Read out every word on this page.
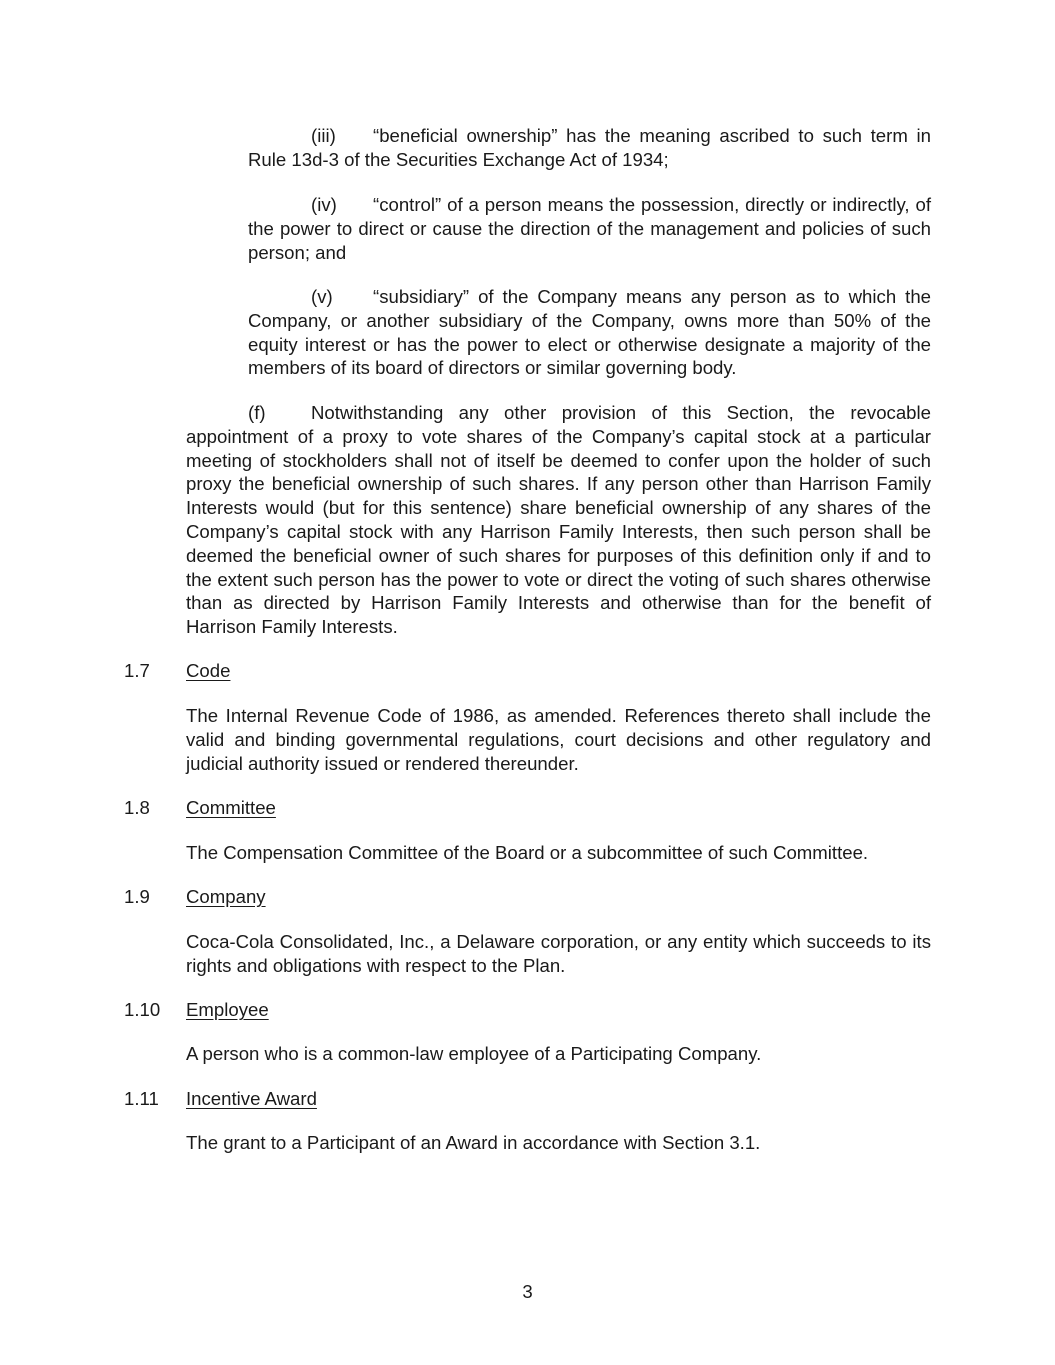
(iii) “beneficial ownership” has the meaning ascribed to such term in Rule 13d-3 of the Securities Exchange Act of 1934;

(iv) “control” of a person means the possession, directly or indirectly, of the power to direct or cause the direction of the management and policies of such person; and

(v) “subsidiary” of the Company means any person as to which the Company, or another subsidiary of the Company, owns more than 50% of the equity interest or has the power to elect or otherwise designate a majority of the members of its board of directors or similar governing body.

(f) Notwithstanding any other provision of this Section, the revocable appointment of a proxy to vote shares of the Company’s capital stock at a particular meeting of stockholders shall not of itself be deemed to confer upon the holder of such proxy the beneficial ownership of such shares. If any person other than Harrison Family Interests would (but for this sentence) share beneficial ownership of any shares of the Company’s capital stock with any Harrison Family Interests, then such person shall be deemed the beneficial owner of such shares for purposes of this definition only if and to the extent such person has the power to vote or direct the voting of such shares otherwise than as directed by Harrison Family Interests and otherwise than for the benefit of Harrison Family Interests.

1.7 Code

The Internal Revenue Code of 1986, as amended. References thereto shall include the valid and binding governmental regulations, court decisions and other regulatory and judicial authority issued or rendered thereunder.

1.8 Committee

The Compensation Committee of the Board or a subcommittee of such Committee.

1.9 Company

Coca-Cola Consolidated, Inc., a Delaware corporation, or any entity which succeeds to its rights and obligations with respect to the Plan.

1.10 Employee

A person who is a common-law employee of a Participating Company.

1.11 Incentive Award

The grant to a Participant of an Award in accordance with Section 3.1.

3
